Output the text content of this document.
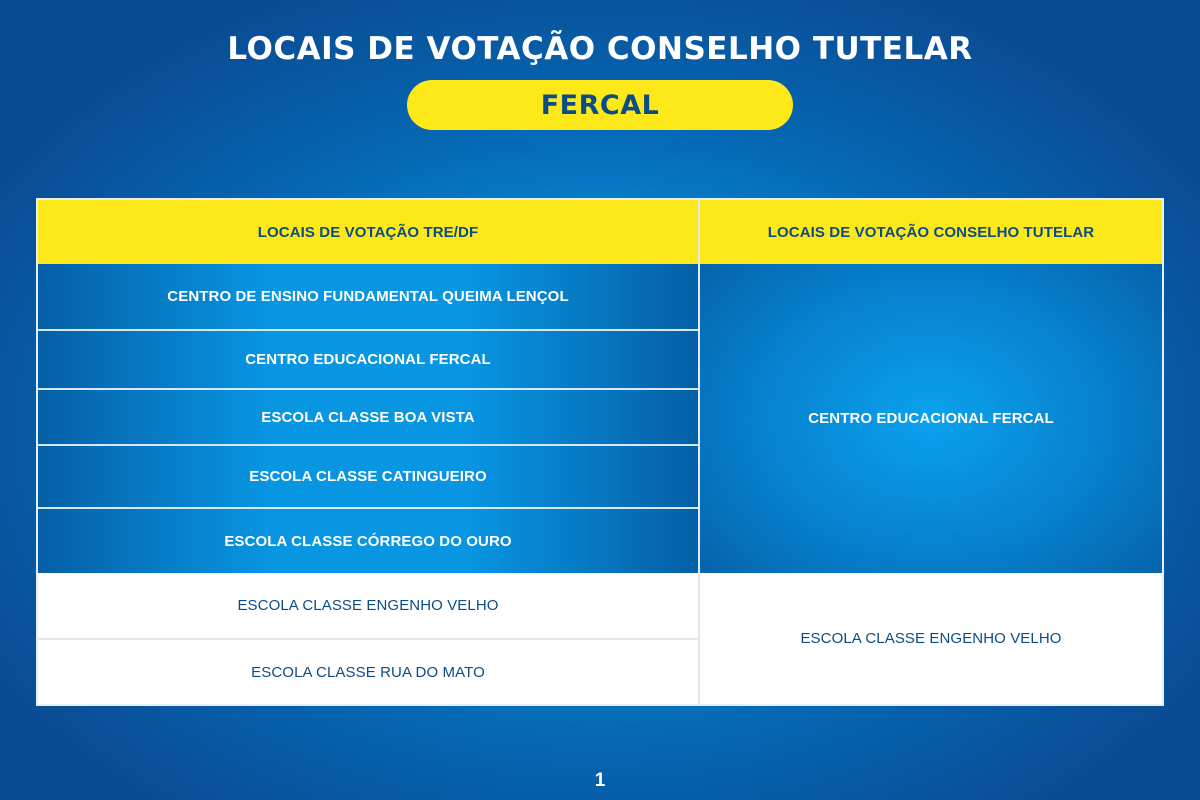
LOCAIS DE VOTAÇÃO CONSELHO TUTELAR
FERCAL
LOCAIS DE VOTAÇÃO TRE/DF	LOCAIS DE VOTAÇÃO CONSELHO TUTELAR
CENTRO DE ENSINO FUNDAMENTAL QUEIMA LENÇOL
CENTRO EDUCACIONAL FERCAL
ESCOLA CLASSE BOA VISTA
ESCOLA CLASSE CATINGUEIRO
ESCOLA CLASSE CÓRREGO DO OURO
CENTRO EDUCACIONAL FERCAL
ESCOLA CLASSE ENGENHO VELHO
ESCOLA CLASSE RUA DO MATO
ESCOLA CLASSE ENGENHO VELHO
1
